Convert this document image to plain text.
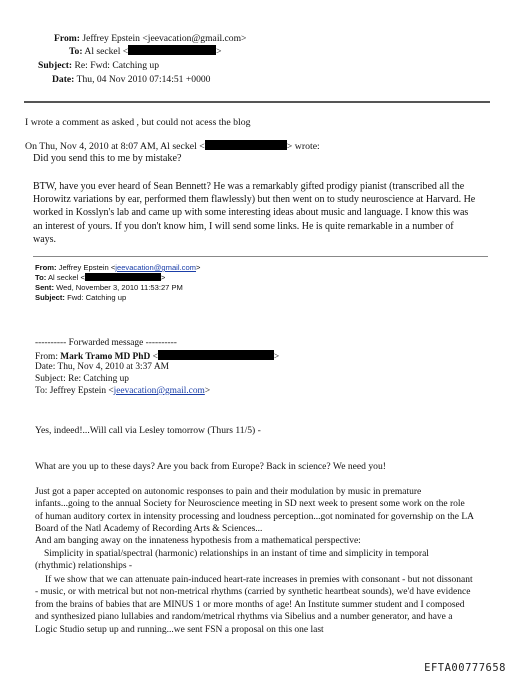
From: Jeffrey Epstein <jeevacation@gmail.com>
To: Al seckel <	>
Subject: Re: Fwd: Catching up
Date: Thu, 04 Nov 2010 07:14:51 +0000
I wrote a comment as asked , but could not acess the blog
On Thu, Nov 4, 2010 at 8:07 AM, Al seckel <	> wrote:
Did you send this to me by mistake?
BTW, have you ever heard of Sean Bennett? He was a remarkably gifted prodigy pianist (transcribed all the Horowitz variations by ear, performed them flawlessly) but then went on to study neuroscience at Harvard. He worked in Kosslyn's lab and came up with some interesting ideas about music and language. I know this was an interest of yours. If you don't know him, I will send some links. He is quite remarkable in a number of ways.
From: Jeffrey Epstein <jeevacation@gmail.com>
To: Al seckel <	>
Sent: Wed, November 3, 2010 11:53:27 PM
Subject: Fwd: Catching up
---------- Forwarded message ----------
From: Mark Tramo MD PhD <	>
Date: Thu, Nov 4, 2010 at 3:37 AM
Subject: Re: Catching up
To: Jeffrey Epstein <jeevacation@gmail.com>
Yes, indeed!...Will call via Lesley tomorrow (Thurs 11/5) -
What are you up to these days? Are you back from Europe? Back in science? We need you!
Just got a paper accepted on autonomic responses to pain and their modulation by music in premature infants...going to the annual Society for Neuroscience meeting in SD next week to present some work on the role of human auditory cortex in intensity processing and loudness perception...got nominated for governship on the LA Board of the Natl Academy of Recording Arts & Sciences...
And am banging away on the innateness hypothesis from a mathematical perspective:
Simplicity in spatial/spectral (harmonic) relationships in an instant of time and simplicity in temporal
(rhythmic) relationships -
If we show that we can attenuate pain-induced heart-rate increases in premies with consonant - but not dissonant - music, or with metrical but not non-metrical rhythms (carried by synthetic heartbeat sounds), we'd have evidence from the brains of babies that are MINUS 1 or more months of age! An Institute summer student and I composed and synthesized piano lullabies and random/metrical rhythms via Sibelius and a number generator, and have a Logic Studio setup up and running...we sent FSN a proposal on this one last
EFTA00777658
